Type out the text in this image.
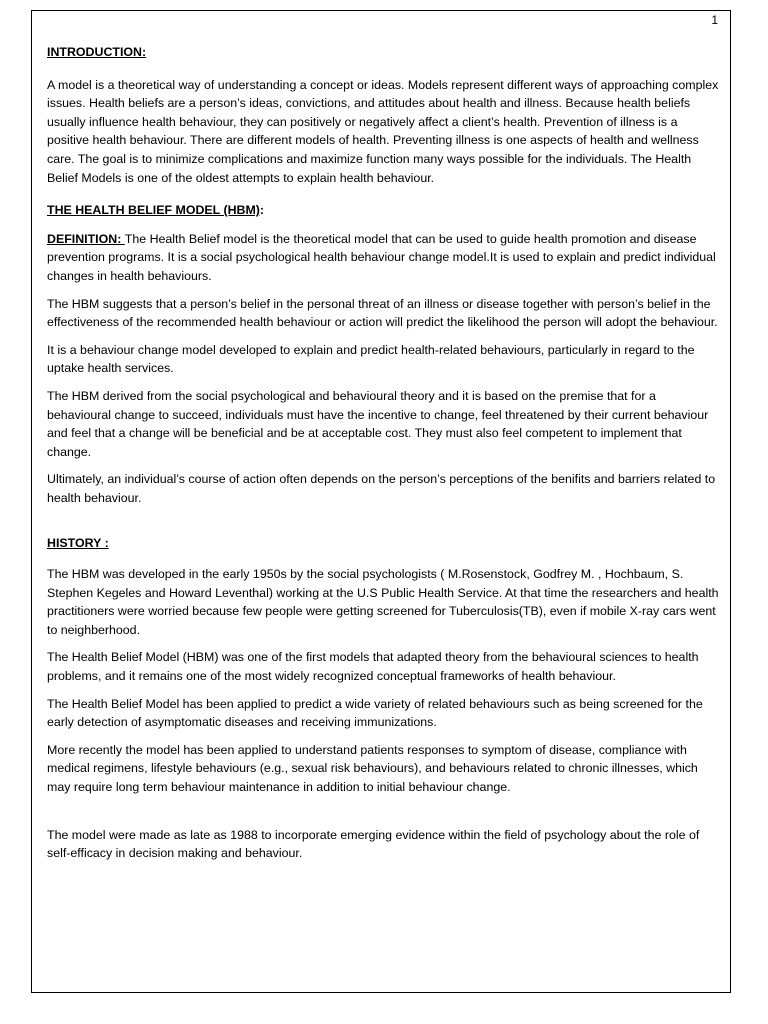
1
INTRODUCTION:

A model is a theoretical way of understanding a concept or ideas. Models represent different ways of approaching complex issues. Health beliefs are a person’s ideas, convictions, and attitudes about health and illness. Because health beliefs usually influence health behaviour, they can positively or negatively affect a client’s health. Prevention of illness is a positive health behaviour. There are different models of health. Preventing illness is one aspects of health and wellness care. The goal is to minimize complications and maximize function many ways possible for the individuals. The Health Belief Models is one of the oldest attempts to explain health behaviour.

THE HEALTH BELIEF MODEL (HBM):

DEFINITION: The Health Belief model is the theoretical model that can be used to guide health promotion and disease prevention programs. It is a social psychological health behaviour change model.It is used to explain and predict individual changes in health behaviours.

The HBM suggests that a person’s belief in the personal threat of an illness or disease together with person’s belief in the effectiveness of the recommended health behaviour or action will predict the likelihood the person will adopt the behaviour.

It is a behaviour change model developed to explain and predict health-related behaviours, particularly in regard to the uptake health services.

The HBM derived from the social psychological and behavioural theory and it is based on the premise that for a behavioural change to succeed, individuals must have the incentive to change, feel threatened by their current behaviour and feel that a change will be beneficial and be at acceptable cost. They must also feel competent to implement that change.

Ultimately, an individual’s course of action often depends on the person’s perceptions of the benifits and barriers related to health behaviour.

HISTORY :

The HBM was developed in the early 1950s by the social psychologists ( M.Rosenstock, Godfrey M. , Hochbaum, S. Stephen Kegeles and Howard Leventhal) working at the U.S Public Health Service. At that time the researchers and health practitioners were worried because few people were getting screened for Tuberculosis(TB), even if mobile X-ray cars went to neighberhood.

The Health Belief Model (HBM) was one of the first models that adapted theory from the behavioural sciences to health problems, and it remains one of the most widely recognized conceptual frameworks of health behaviour.

The Health Belief Model has been applied to predict a wide variety of related behaviours such as being screened for the early detection of asymptomatic diseases and receiving immunizations.

More recently the model has been applied to understand patients responses to symptom of disease, compliance with medical regimens, lifestyle behaviours (e.g., sexual risk behaviours), and behaviours related to chronic illnesses, which may require long term behaviour maintenance in addition to initial behaviour change.

The model were made as late as 1988 to incorporate emerging evidence within the field of psychology about the role of self-efficacy in decision making and behaviour.
